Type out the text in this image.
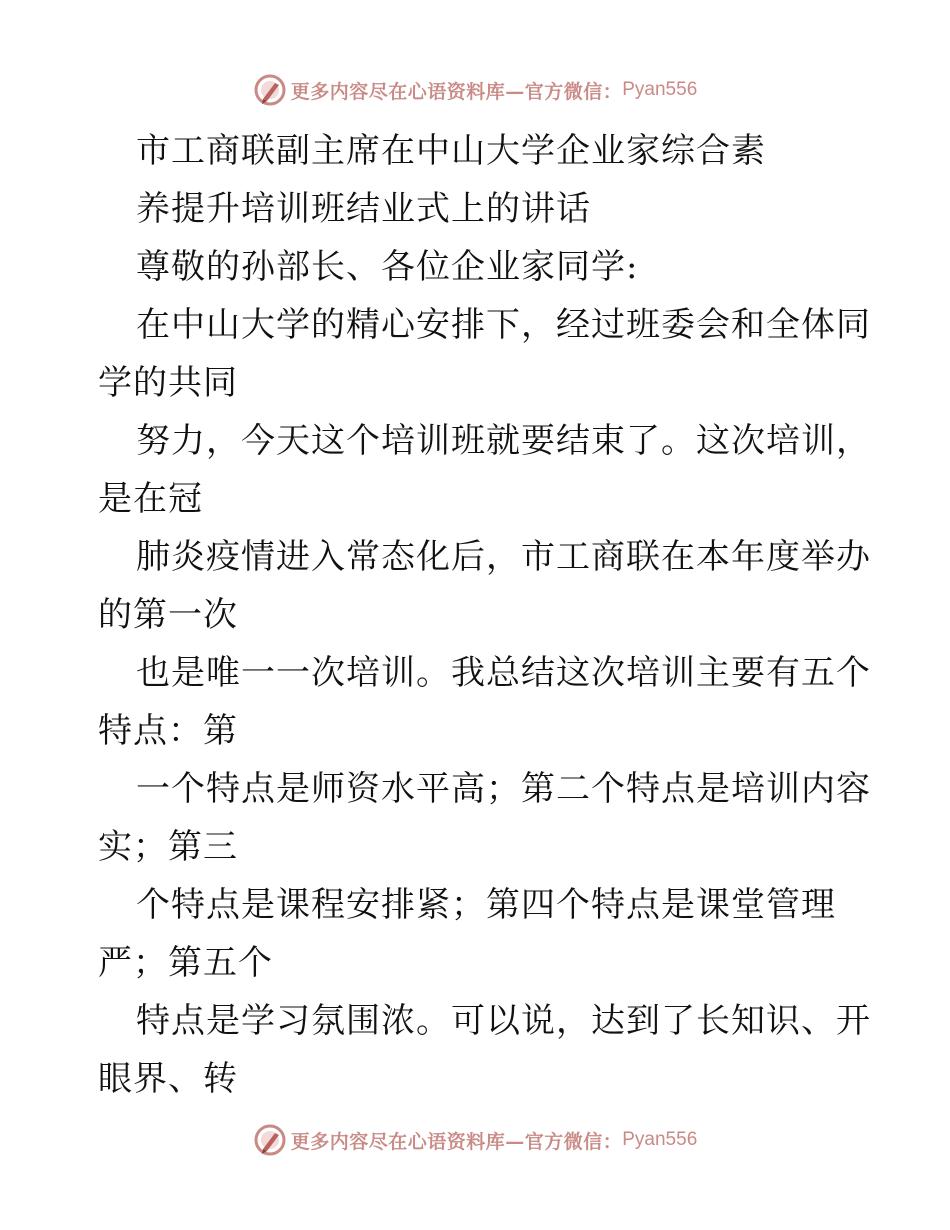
更多内容尽在心语资料库—官方微信： Pyan556
市工商联副主席在中山大学企业家综合素
养提升培训班结业式上的讲话
尊敬的孙部长、各位企业家同学:
在中山大学的精心安排下，经过班委会和全体同
学的共同
努力，今天这个培训班就要结束了。这次培训，
是在冠
肺炎疫情进入常态化后，市工商联在本年度举办
的第一次
也是唯一一次培训。我总结这次培训主要有五个
特点：第
一个特点是师资水平高；第二个特点是培训内容
实；第三
个特点是课程安排紧；第四个特点是课堂管理
严；第五个
特点是学习氛围浓。可以说，达到了长知识、开
眼界、转
更多内容尽在心语资料库—官方微信： Pyan556
